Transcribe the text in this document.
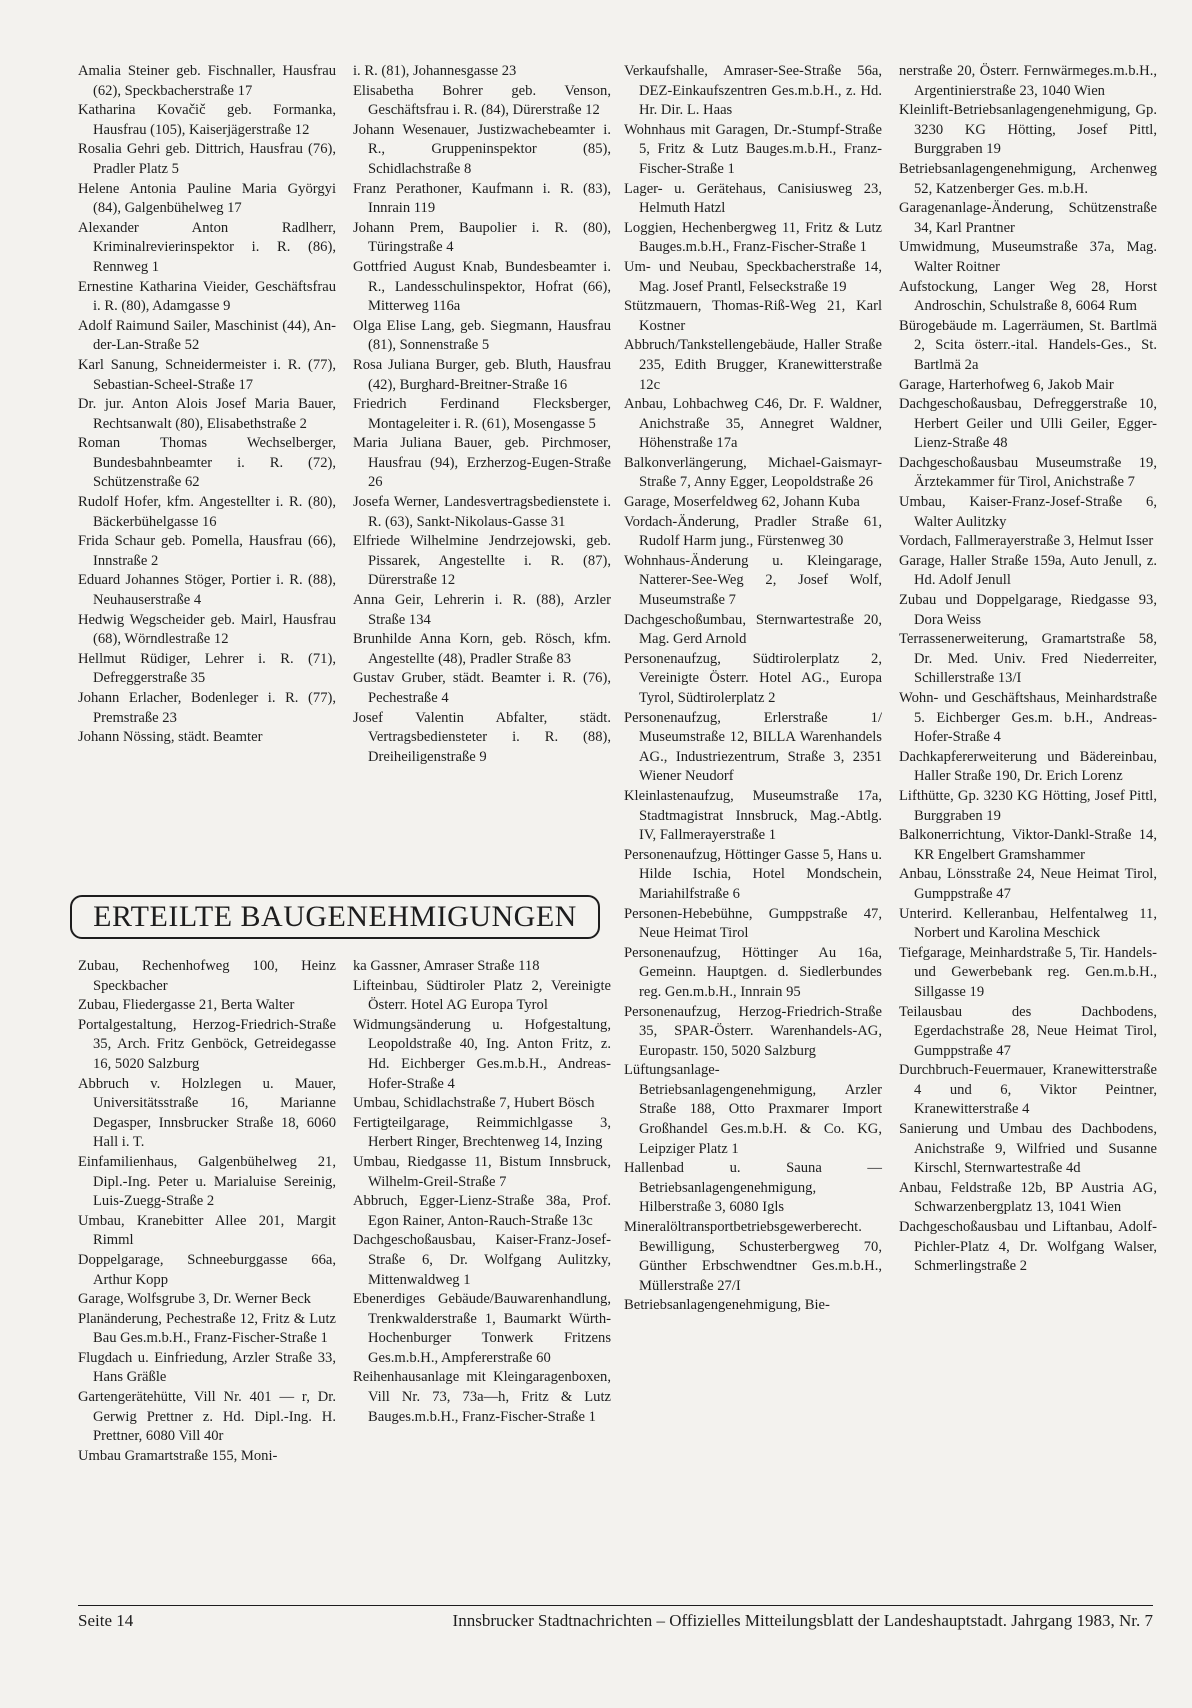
Amalia Steiner geb. Fischnaller, Hausfrau (62), Speckbacherstraße 17
Katharina Kovačič geb. Formanka, Hausfrau (105), Kaiserjägerstraße 12
Rosalia Gehri geb. Dittrich, Hausfrau (76), Pradler Platz 5
Helene Antonia Pauline Maria Györgyi (84), Galgenbühelweg 17
Alexander Anton Radlherr, Kriminalrevierinspektor i. R. (86), Rennweg 1
Ernestine Katharina Vieider, Geschäftsfrau i. R. (80), Adamgasse 9
Adolf Raimund Sailer, Maschinist (44), An-der-Lan-Straße 52
Karl Sanung, Schneidermeister i. R. (77), Sebastian-Scheel-Straße 17
Dr. jur. Anton Alois Josef Maria Bauer, Rechtsanwalt (80), Elisabethstraße 2
Roman Thomas Wechselberger, Bundesbahnbeamter i. R. (72), Schützenstraße 62
Rudolf Hofer, kfm. Angestellter i. R. (80), Bäckerbühelgasse 16
Frida Schaur geb. Pomella, Hausfrau (66), Innstraße 2
Eduard Johannes Stöger, Portier i. R. (88), Neuhauserstraße 4
Hedwig Wegscheider geb. Mairl, Hausfrau (68), Wörndlestraße 12
Hellmut Rüdiger, Lehrer i. R. (71), Defreggerstraße 35
Johann Erlacher, Bodenleger i. R. (77), Premstraße 23
Johann Nössing, städt. Beamter
i. R. (81), Johannesgasse 23
Elisabetha Bohrer geb. Venson, Geschäftsfrau i. R. (84), Dürerstraße 12
Johann Wesenauer, Justizwachebeamter i. R., Gruppeninspektor (85), Schidlachstraße 8
Franz Perathoner, Kaufmann i. R. (83), Innrain 119
Johann Prem, Baupolier i. R. (80), Türingstraße 4
Gottfried August Knab, Bundesbeamter i. R., Landesschulinspektor, Hofrat (66), Mitterweg 116a
Olga Elise Lang, geb. Siegmann, Hausfrau (81), Sonnenstraße 5
Rosa Juliana Burger, geb. Bluth, Hausfrau (42), Burghard-Breitner-Straße 16
Friedrich Ferdinand Flecksberger, Montageleiter i. R. (61), Mosengasse 5
Maria Juliana Bauer, geb. Pirchmoser, Hausfrau (94), Erzherzog-Eugen-Straße 26
Josefa Werner, Landesvertragsbedienstete i. R. (63), Sankt-Nikolaus-Gasse 31
Elfriede Wilhelmine Jendrzejowski, geb. Pissarek, Angestellte i. R. (87), Dürerstraße 12
Anna Geir, Lehrerin i. R. (88), Arzler Straße 134
Brunhilde Anna Korn, geb. Rösch, kfm. Angestellte (48), Pradler Straße 83
Gustav Gruber, städt. Beamter i. R. (76), Pechestraße 4
Josef Valentin Abfalter, städt. Vertragsbediensteter i. R. (88), Dreiheiligenstraße 9
ERTEILTE BAUGENEHMIGUNGEN
Zubau, Rechenhofweg 100, Heinz Speckbacher
Zubau, Fliedergasse 21, Berta Walter
Portalgestaltung, Herzog-Friedrich-Straße 35, Arch. Fritz Genböck, Getreidegasse 16, 5020 Salzburg
Abbruch v. Holzlegen u. Mauer, Universitätsstraße 16, Marianne Degasper, Innsbrucker Straße 18, 6060 Hall i. T.
Einfamilienhaus, Galgenbühelweg 21, Dipl.-Ing. Peter u. Marialuise Sereinig, Luis-Zuegg-Straße 2
Umbau, Kranebitter Allee 201, Margit Rimml
Doppelgarage, Schneeburggasse 66a, Arthur Kopp
Garage, Wolfsgrube 3, Dr. Werner Beck
Planänderung, Pechestraße 12, Fritz & Lutz Bau Ges.m.b.H., Franz-Fischer-Straße 1
Flugdach u. Einfriedung, Arzler Straße 33, Hans Gräßle
Gartengerätehütte, Vill Nr. 401 — r, Dr. Gerwig Prettner z. Hd. Dipl.-Ing. H. Prettner, 6080 Vill 40r
Umbau Gramartstraße 155, Moni-
ka Gassner, Amraser Straße 118
Lifteinbau, Südtiroler Platz 2, Vereinigte Österr. Hotel AG Europa Tyrol
Widmungsänderung u. Hofgestaltung, Leopoldstraße 40, Ing. Anton Fritz, z. Hd. Eichberger Ges.m.b.H., Andreas-Hofer-Straße 4
Umbau, Schidlachstraße 7, Hubert Bösch
Fertigteilgarage, Reimmichlgasse 3, Herbert Ringer, Brechtenweg 14, Inzing
Umbau, Riedgasse 11, Bistum Innsbruck, Wilhelm-Greil-Straße 7
Abbruch, Egger-Lienz-Straße 38a, Prof. Egon Rainer, Anton-Rauch-Straße 13c
Dachgeschoßausbau, Kaiser-Franz-Josef-Straße 6, Dr. Wolfgang Aulitzky, Mittenwaldweg 1
Ebenerdiges Gebäude/Bauwarenhandlung, Trenkwalderstraße 1, Baumarkt Würth-Hochenburger Tonwerk Fritzens Ges.m.b.H., Ampfererstraße 60
Reihenhausanlage mit Kleingaragenboxen, Vill Nr. 73, 73a—h, Fritz & Lutz Bauges.m.b.H., Franz-Fischer-Straße 1
Verkaufshalle, Amraser-See-Straße 56a, DEZ-Einkaufszentren Ges.m.b.H., z. Hd. Hr. Dir. L. Haas
Wohnhaus mit Garagen, Dr.-Stumpf-Straße 5, Fritz & Lutz Bauges.m.b.H., Franz-Fischer-Straße 1
Lager- u. Gerätehaus, Canisiusweg 23, Helmuth Hatzl
Loggien, Hechenbergweg 11, Fritz & Lutz Bauges.m.b.H., Franz-Fischer-Straße 1
Um- und Neubau, Speckbacherstraße 14, Mag. Josef Prantl, Felseckstraße 19
Stützmauern, Thomas-Riß-Weg 21, Karl Kostner
Abbruch/Tankstellengebäude, Haller Straße 235, Edith Brugger, Kranewitterstraße 12c
Anbau, Lohbachweg C46, Dr. F. Waldner, Anichstraße 35, Annegret Waldner, Höhenstraße 17a
Balkonverlängerung, Michael-Gaismayr-Straße 7, Anny Egger, Leopoldstraße 26
Garage, Moserfeldweg 62, Johann Kuba
Vordach-Änderung, Pradler Straße 61, Rudolf Harm jung., Fürstenweg 30
Wohnhaus-Änderung u. Kleingarage, Natterer-See-Weg 2, Josef Wolf, Museumstraße 7
Dachgeschoßumbau, Sternwartestraße 20, Mag. Gerd Arnold
Personenaufzug, Südtirolerplatz 2, Vereinigte Österr. Hotel AG., Europa Tyrol, Südtirolerplatz 2
Personenaufzug, Erlerstraße 1/ Museumstraße 12, BILLA Warenhandels AG., Industriezentrum, Straße 3, 2351 Wiener Neudorf
Kleinlastenaufzug, Museumstraße 17a, Stadtmagistrat Innsbruck, Mag.-Abtlg. IV, Fallmerayerstraße 1
Personenaufzug, Höttinger Gasse 5, Hans u. Hilde Ischia, Hotel Mondschein, Mariahilfstraße 6
Personen-Hebebühne, Gumppstraße 47, Neue Heimat Tirol
Personenaufzug, Höttinger Au 16a, Gemeinn. Hauptgen. d. Siedlerbundes reg. Gen.m.b.H., Innrain 95
Personenaufzug, Herzog-Friedrich-Straße 35, SPAR-Österr. Warenhandels-AG, Europastr. 150, 5020 Salzburg
Lüftungsanlage-Betriebsanlagengenehmigung, Arzler Straße 188, Otto Praxmarer Import Großhandel Ges.m.b.H. & Co. KG, Leipziger Platz 1
Hallenbad u. Sauna — Betriebsanlagengenehmigung, Hilberstraße 3, 6080 Igls
Mineralöltransportbetriebsgewerberecht. Bewilligung, Schusterbergweg 70, Günther Erbschwendtner Ges.m.b.H., Müllerstraße 27/I
Betriebsanlagengenehmigung, Bie-
nerstraße 20, Österr. Fernwärmeges.m.b.H., Argentinierstraße 23, 1040 Wien
Kleinlift-Betriebsanlagengenehmigung, Gp. 3230 KG Hötting, Josef Pittl, Burggraben 19
Betriebsanlagengenehmigung, Archenweg 52, Katzenberger Ges. m.b.H.
Garagenanlage-Änderung, Schützenstraße 34, Karl Prantner
Umwidmung, Museumstraße 37a, Mag. Walter Roitner
Aufstockung, Langer Weg 28, Horst Androschin, Schulstraße 8, 6064 Rum
Bürogebäude m. Lagerräumen, St. Bartlmä 2, Scita österr.-ital. Handels-Ges., St. Bartlmä 2a
Garage, Harterhofweg 6, Jakob Mair
Dachgeschoßausbau, Defreggerstraße 10, Herbert Geiler und Ulli Geiler, Egger-Lienz-Straße 48
Dachgeschoßausbau Museumstraße 19, Ärztekammer für Tirol, Anichstraße 7
Umbau, Kaiser-Franz-Josef-Straße 6, Walter Aulitzky
Vordach, Fallmerayerstraße 3, Helmut Isser
Garage, Haller Straße 159a, Auto Jenull, z. Hd. Adolf Jenull
Zubau und Doppelgarage, Riedgasse 93, Dora Weiss
Terrassenerweiterung, Gramartstraße 58, Dr. Med. Univ. Fred Niederreiter, Schillerstraße 13/I
Wohn- und Geschäftshaus, Meinhardstraße 5. Eichberger Ges.m. b.H., Andreas-Hofer-Straße 4
Dachkapfererweiterung und Bädereinbau, Haller Straße 190, Dr. Erich Lorenz
Lifthütte, Gp. 3230 KG Hötting, Josef Pittl, Burggraben 19
Balkonerrichtung, Viktor-Dankl-Straße 14, KR Engelbert Gramshammer
Anbau, Lönsstraße 24, Neue Heimat Tirol, Gumppstraße 47
Unterird. Kelleranbau, Helfentalweg 11, Norbert und Karolina Meschick
Tiefgarage, Meinhardstraße 5, Tir. Handels- und Gewerbebank reg. Gen.m.b.H., Sillgasse 19
Teilausbau des Dachbodens, Egerdachstraße 28, Neue Heimat Tirol, Gumppstraße 47
Durchbruch-Feuermauer, Kranewitterstraße 4 und 6, Viktor Peintner, Kranewitterstraße 4
Sanierung und Umbau des Dachbodens, Anichstraße 9, Wilfried und Susanne Kirschl, Sternwartestraße 4d
Anbau, Feldstraße 12b, BP Austria AG, Schwarzenbergplatz 13, 1041 Wien
Dachgeschoßausbau und Liftanbau, Adolf-Pichler-Platz 4, Dr. Wolfgang Walser, Schmerlingstraße 2
Seite 14	Innsbrucker Stadtnachrichten – Offizielles Mitteilungsblatt der Landeshauptstadt. Jahrgang 1983, Nr. 7
